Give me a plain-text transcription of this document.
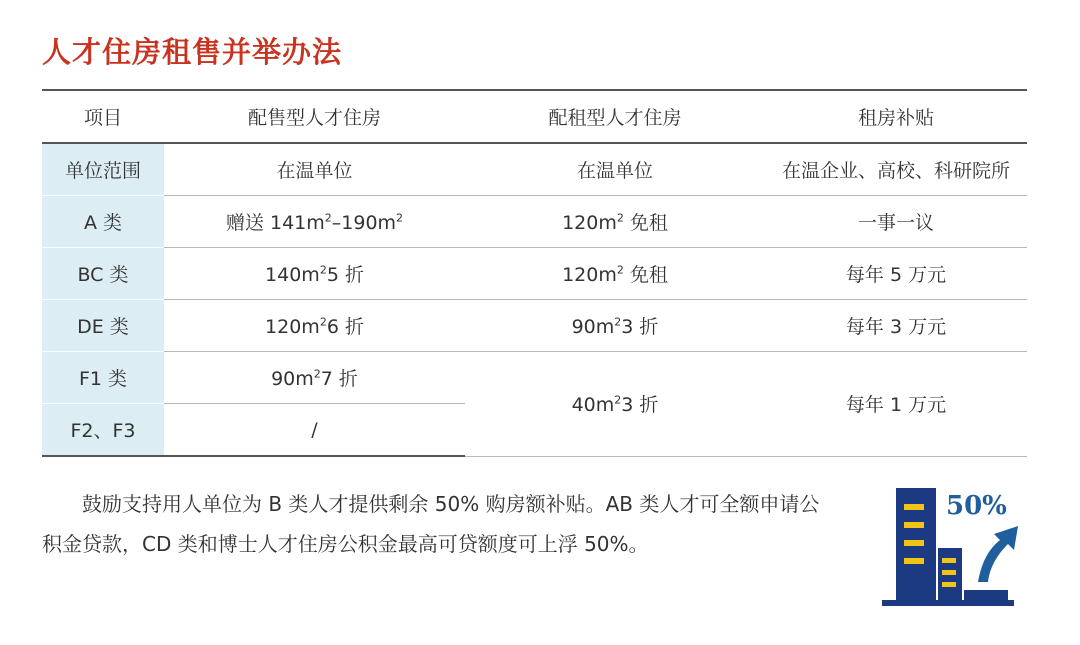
人才住房租售并举办法
项目	配售型人才住房	配租型人才住房	租房补贴
单位范围	在温单位	在温单位	在温企业、高校、科研院所
A 类	赠送 $141m^2-190m^2$	$120m^2$ 免租	一事一议
BC 类	$140m^25$ 折	$120m^2$ 免租	每年 5 万元
DE 类	$120m^26$ 折	$90m^23$ 折	每年 3 万元
F1 类	$90m^27$ 折	$40m^23$ 折	每年 1 万元
F2、F3	/		

鼓励支持用人单位为 B 类人才提供剩余 50% 购房额补贴。AB 类人才可全额申请公积金贷款，CD 类和博士人才住房公积金最高可贷额度可上浮 50%。

50%
